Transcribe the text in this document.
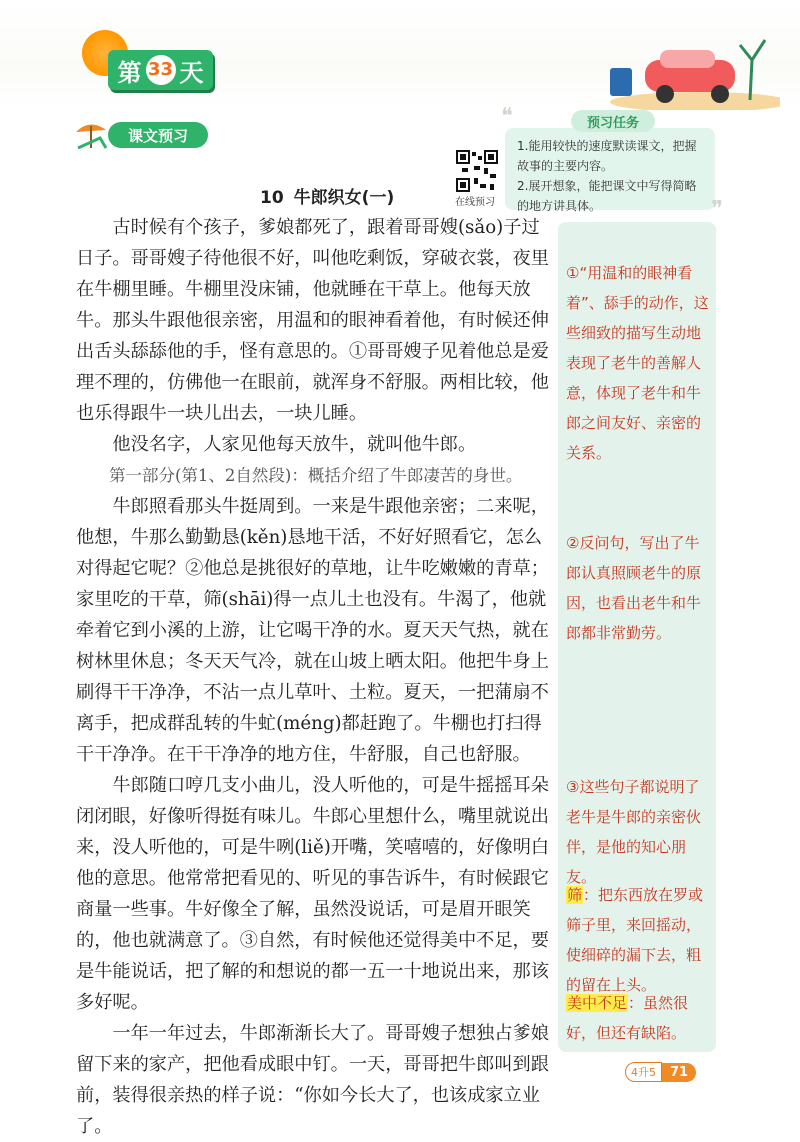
第 33 天
课文预习
1.能用较快的速度默读课文，把握故事的主要内容。
2.展开想象，能把课文中写得简略的地方讲具体。
预习任务
❝
❞
在线预习
10 牛郎织女(一)

古时候有个孩子，爹娘都死了，跟着哥哥嫂(sǎo)子过日子。哥哥嫂子待他很不好，叫他吃剩饭，穿破衣裳，夜里在牛棚里睡。牛棚里没床铺，他就睡在干草上。他每天放牛。那头牛跟他很亲密，用温和的眼神看着他，有时候还伸出舌头舔舔他的手，怪有意思的。①哥哥嫂子见着他总是爱理不理的，仿佛他一在眼前，就浑身不舒服。两相比较，他也乐得跟牛一块儿出去，一块儿睡。

他没名字，人家见他每天放牛，就叫他牛郎。

第一部分(第1、2自然段)：概括介绍了牛郎凄苦的身世。

牛郎照看那头牛挺周到。一来是牛跟他亲密；二来呢，他想，牛那么勤勤恳(kěn)恳地干活，不好好照看它，怎么对得起它呢？②他总是挑很好的草地，让牛吃嫩嫩的青草；家里吃的干草，筛(shāi)得一点儿土也没有。牛渴了，他就牵着它到小溪的上游，让它喝干净的水。夏天天气热，就在树林里休息；冬天天气冷，就在山坡上晒太阳。他把牛身上刷得干干净净，不沾一点儿草叶、土粒。夏天，一把蒲扇不离手，把成群乱转的牛虻(méng)都赶跑了。牛棚也打扫得干干净净。在干干净净的地方住，牛舒服，自己也舒服。

牛郎随口哼几支小曲儿，没人听他的，可是牛摇摇耳朵闭闭眼，好像听得挺有味儿。牛郎心里想什么，嘴里就说出来，没人听他的，可是牛咧(liě)开嘴，笑嘻嘻的，好像明白他的意思。他常常把看见的、听见的事告诉牛，有时候跟它商量一些事。牛好像全了解，虽然没说话，可是眉开眼笑的，他也就满意了。③自然，有时候他还觉得美中不足，要是牛能说话，把了解的和想说的都一五一十地说出来，那该多好呢。

一年一年过去，牛郎渐渐长大了。哥哥嫂子想独占爹娘留下来的家产，把他看成眼中钉。一天，哥哥把牛郎叫到跟前，装得很亲热的样子说：“你如今长大了，也该成家立业了。

①“用温和的眼神看着”、舔手的动作，这些细致的描写生动地表现了老牛的善解人意，体现了老牛和牛郎之间友好、亲密的关系。
②反问句，写出了牛郎认真照顾老牛的原因，也看出老牛和牛郎都非常勤劳。
③这些句子都说明了老牛是牛郎的亲密伙伴，是他的知心朋友。
筛：把东西放在罗或筛子里，来回摇动，使细碎的漏下去，粗的留在上头。
美中不足：虽然很好，但还有缺陷。
4升5	71
